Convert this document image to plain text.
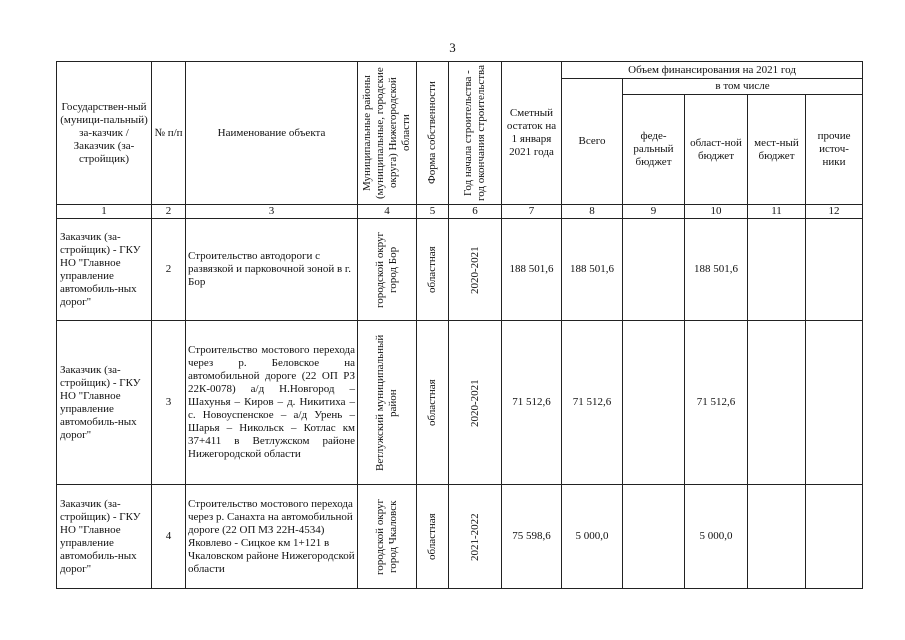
3
Государствен-ный (муници-пальный) за-казчик / Заказчик (за-стройщик)	№ п/п	Наименование объекта	Муниципальные районы (муниципальные, городские округа) Нижегородской области	Форма собственности	Год начала строительства - год окончания строительства	Сметный остаток на 1 января 2021 года	Объем финансирования на 2021 год				
							Всего	в том числе			
								феде-ральный бюджет	област-ной бюджет	мест-ный бюджет	прочие источ-ники
1	2	3	4	5	6	7	8	9	10	11	12
Заказчик (за-стройщик) - ГКУ НО "Главное управление автомобиль-ных дорог"	2	Строительство автодороги с развязкой и парковочной зоной в г. Бор	городской округ город Бор	областная	2020-2021	188 501,6	188 501,6		188 501,6		
Заказчик (за-стройщик) - ГКУ НО "Главное управление автомобиль-ных дорог"	3	Строительство мостового перехода через р. Беловское на автомобильной дороге (22 ОП РЗ 22К-0078) а/д Н.Новгород – Шахунья – Киров – д. Никитиха – с. Новоуспенское – а/д Урень – Шарья – Никольск – Котлас км 37+411 в Ветлужском районе Нижегородской области	Ветлужский муниципальный район	областная	2020-2021	71 512,6	71 512,6		71 512,6		
Заказчик (за-стройщик) - ГКУ НО "Главное управление автомобиль-ных дорог"	4	Строительство мостового перехода через р. Санахта на автомобильной дороге (22 ОП МЗ 22Н-4534) Яковлево - Сицкое км 1+121 в Чкаловском районе Нижегородской области	городской округ город Чкаловск	областная	2021-2022	75 598,6	5 000,0		5 000,0		
